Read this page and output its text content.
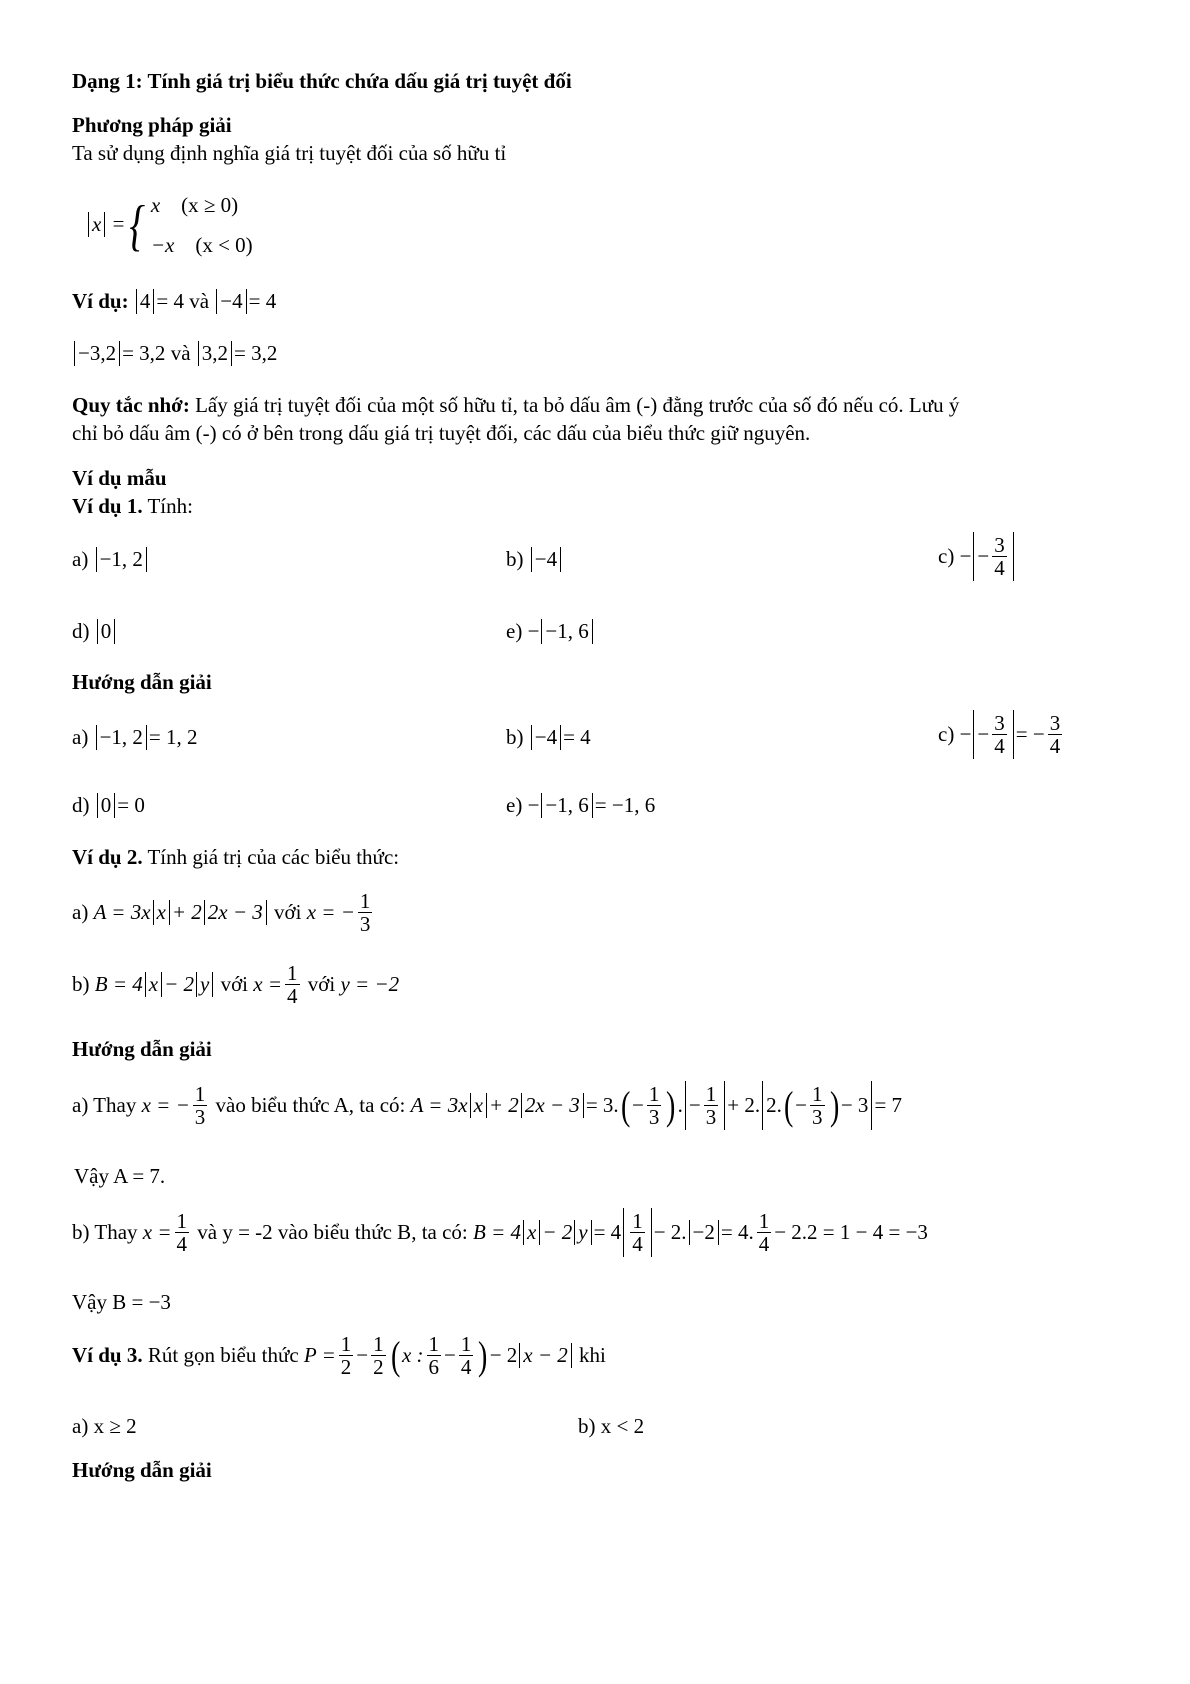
Dạng 1: Tính giá trị biểu thức chứa dấu giá trị tuyệt đối
Phương pháp giải
Ta sử dụng định nghĩa giá trị tuyệt đối của số hữu tỉ
x ={ x (x ≥ 0)
−x (x < 0)
Ví dụ: 4 = 4 và −4 = 4
−3,2 = 3,2 và 3,2 = 3,2
Quy tắc nhớ: Lấy giá trị tuyệt đối của một số hữu tỉ, ta bỏ dấu âm (-) đằng trước của số đó nếu có. Lưu ý
chỉ bỏ dấu âm (-) có ở bên trong dấu giá trị tuyệt đối, các dấu của biểu thức giữ nguyên.
Ví dụ mẫu
Ví dụ 1. Tính:
a) −1, 2	b) −4	c) − − $\frac{3}{4}$
d) 0	e) − −1, 6
Hướng dẫn giải
a) −1, 2 = 1, 2	b) −4 = 4	c) − − $\frac{3}{4}$ = − $\frac{3}{4}$
d) 0 = 0	e) − −1, 6 = −1, 6
Ví dụ 2. Tính giá trị của các biểu thức:
a) A = 3x x + 2 2x − 3 với x = − $\frac{1}{3}$
b) B = 4 x − 2 y với $x = \frac{1}{4}$ với y = −2
Hướng dẫn giải
a) Thay x = − $\frac{1}{3}$ vào biểu thức A, ta có: A = 3x x + 2 $2x - 3 = 3.(- \frac{1}{3}$ ). − $\frac{1}{3} + 2$. $2.(- \frac{1}{3}$ )− 3 = 7
Vậy A = 7.
b) Thay $x = \frac{1}{4}$ và y = -2 vào biểu thức B, ta có: B = 4 x − 2 $y = 4 \frac{1}{4} - 2$. −2 = 4. $\frac{1}{4} - 2.2 = 1 - 4 = -3$
Vậy B = −3
Ví dụ 3. Rút gọn biểu thức $P = \frac{1}{2} - \frac{1}{2} (x$ : $\frac{1}{6} - \frac{1}{4}$ )− 2 x − 2 khi
a) x ≥ 2	b) x < 2
Hướng dẫn giải
